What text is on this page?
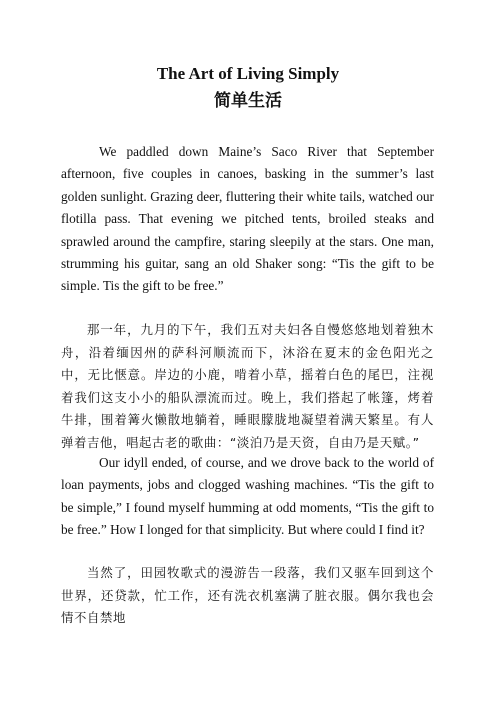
The Art of Living Simply
简单生活

We paddled down Maine’s Saco River that September afternoon, five couples in canoes, basking in the summer’s last golden sunlight. Grazing deer, fluttering their white tails, watched our flotilla pass. That evening we pitched tents, broiled steaks and sprawled around the campfire, staring sleepily at the stars. One man, strumming his guitar, sang an old Shaker song: “Tis the gift to be simple. Tis the gift to be free.”

那一年，九月的下午，我们五对夫妇各自慢悠悠地划着独木舟，沿着缅因州的萨科河顺流而下，沐浴在夏末的金色阳光之中，无比惬意。岸边的小鹿，啃着小草，摇着白色的尾巴，注视着我们这支小小的船队漂流而过。晚上，我们搭起了帐篷，烤着牛排，围着篝火懒散地躺着，睡眼朦胧地凝望着满天繁星。有人弹着吉他，唱起古老的歌曲：“淡泊乃是天资，自由乃是天赋。”

Our idyll ended, of course, and we drove back to the world of loan payments, jobs and clogged washing machines. “Tis the gift to be simple,” I found myself humming at odd moments, “Tis the gift to be free.” How I longed for that simplicity. But where could I find it?

当然了，田园牧歌式的漫游告一段落，我们又驱车回到这个世界，还贷款，忙工作，还有洗衣机塞满了脏衣服。偶尔我也会情不自禁地
